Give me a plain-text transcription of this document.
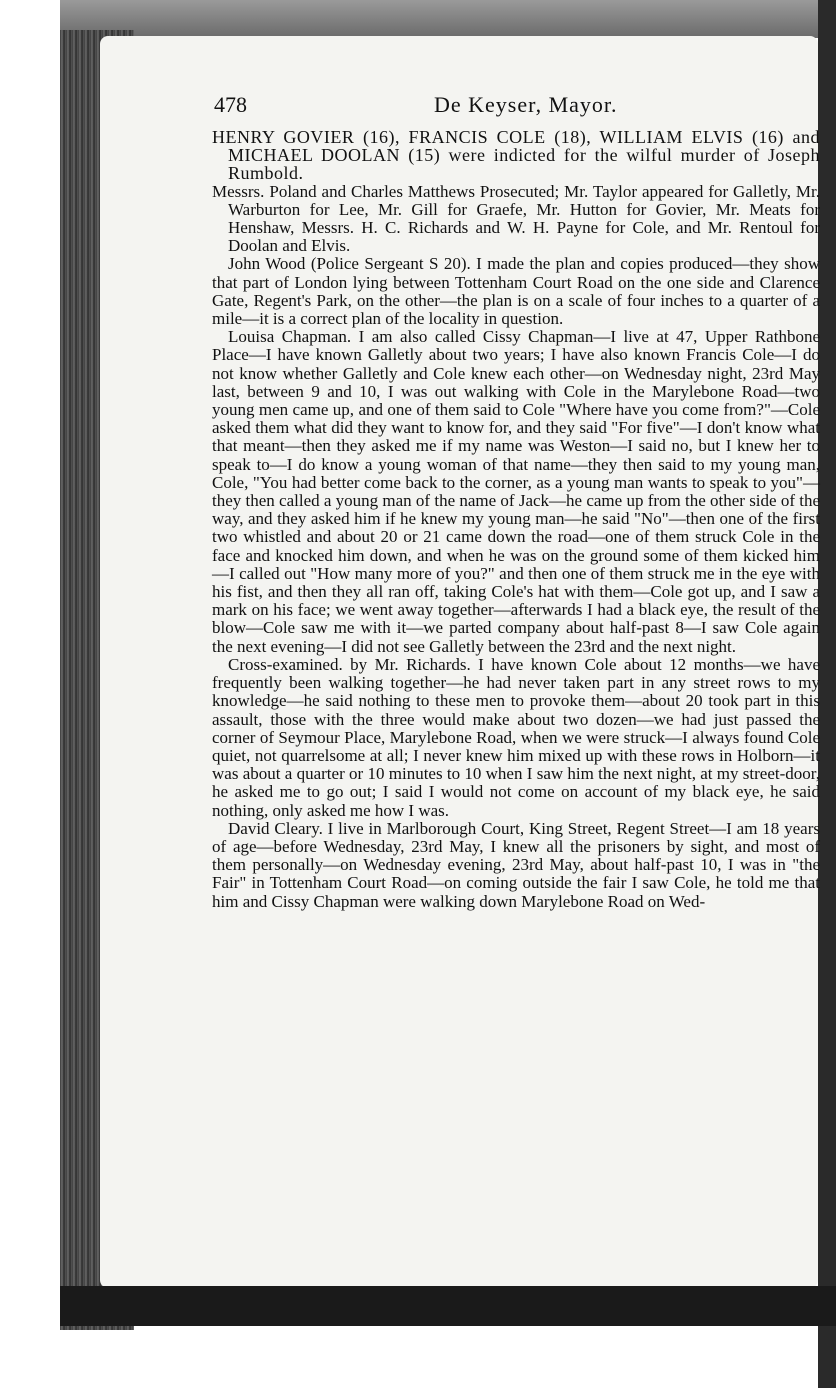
478	De Keyser, Mayor.

HENRY GOVIER (16), FRANCIS COLE (18), WILLIAM ELVIS (16) and MICHAEL DOOLAN (15) were indicted for the wilful murder of Joseph Rumbold.

Messrs. Poland and Charles Matthews Prosecuted; Mr. Taylor appeared for Galletly, Mr. Warburton for Lee, Mr. Gill for Graefe, Mr. Hutton for Govier, Mr. Meats for Henshaw, Messrs. H. C. Richards and W. H. Payne for Cole, and Mr. Rentoul for Doolan and Elvis.

John Wood (Police Sergeant S 20). I made the plan and copies produced—they show that part of London lying between Tottenham Court Road on the one side and Clarence Gate, Regent's Park, on the other—the plan is on a scale of four inches to a quarter of a mile—it is a correct plan of the locality in question.

Louisa Chapman. I am also called Cissy Chapman—I live at 47, Upper Rathbone Place—I have known Galletly about two years; I have also known Francis Cole—I do not know whether Galletly and Cole knew each other—on Wednesday night, 23rd May last, between 9 and 10, I was out walking with Cole in the Marylebone Road—two young men came up, and one of them said to Cole "Where have you come from?"—Cole asked them what did they want to know for, and they said "For five"—I don't know what that meant—then they asked me if my name was Weston—I said no, but I knew her to speak to—I do know a young woman of that name—they then said to my young man, Cole, "You had better come back to the corner, as a young man wants to speak to you"—they then called a young man of the name of Jack—he came up from the other side of the way, and they asked him if he knew my young man—he said "No"—then one of the first two whistled and about 20 or 21 came down the road—one of them struck Cole in the face and knocked him down, and when he was on the ground some of them kicked him—I called out "How many more of you?" and then one of them struck me in the eye with his fist, and then they all ran off, taking Cole's hat with them—Cole got up, and I saw a mark on his face; we went away together—afterwards I had a black eye, the result of the blow—Cole saw me with it—we parted company about half-past 8—I saw Cole again the next evening—I did not see Galletly between the 23rd and the next night.

Cross-examined. by Mr. Richards. I have known Cole about 12 months—we have frequently been walking together—he had never taken part in any street rows to my knowledge—he said nothing to these men to provoke them—about 20 took part in this assault, those with the three would make about two dozen—we had just passed the corner of Seymour Place, Marylebone Road, when we were struck—I always found Cole quiet, not quarrelsome at all; I never knew him mixed up with these rows in Holborn—it was about a quarter or 10 minutes to 10 when I saw him the next night, at my street-door, he asked me to go out; I said I would not come on account of my black eye, he said nothing, only asked me how I was.

David Cleary. I live in Marlborough Court, King Street, Regent Street—I am 18 years of age—before Wednesday, 23rd May, I knew all the prisoners by sight, and most of them personally—on Wednesday evening, 23rd May, about half-past 10, I was in "the Fair" in Tottenham Court Road—on coming outside the fair I saw Cole, he told me that him and Cissy Chapman were walking down Marylebone Road on Wed-
